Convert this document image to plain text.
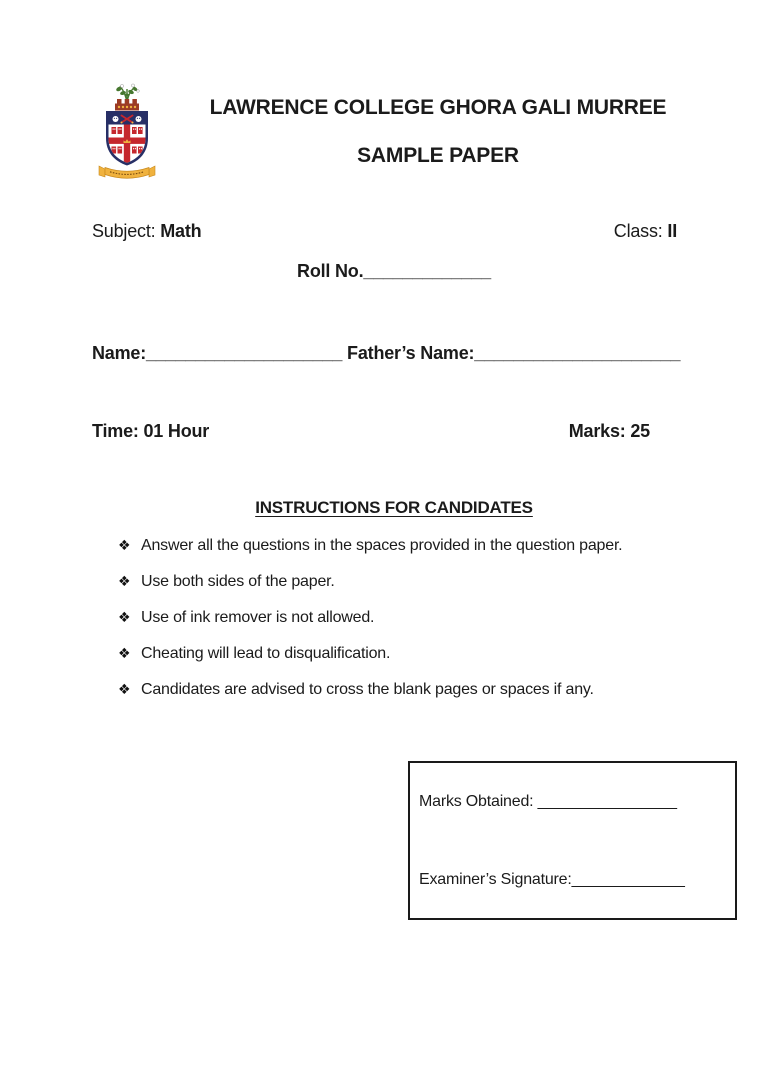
LAWRENCE COLLEGE GHORA GALI MURREE
SAMPLE PAPER
Subject: Math	Class: II
Roll No._____________
Name:____________________ Father’s Name:_____________________
Time: 01 Hour	Marks: 25
INSTRUCTIONS FOR CANDIDATES
❖ Answer all the questions in the spaces provided in the question paper.
❖ Use both sides of the paper.
❖ Use of ink remover is not allowed.
❖ Cheating will lead to disqualification.
❖ Candidates are advised to cross the blank pages or spaces if any.
Marks Obtained: ________________
Examiner’s Signature:_____________
